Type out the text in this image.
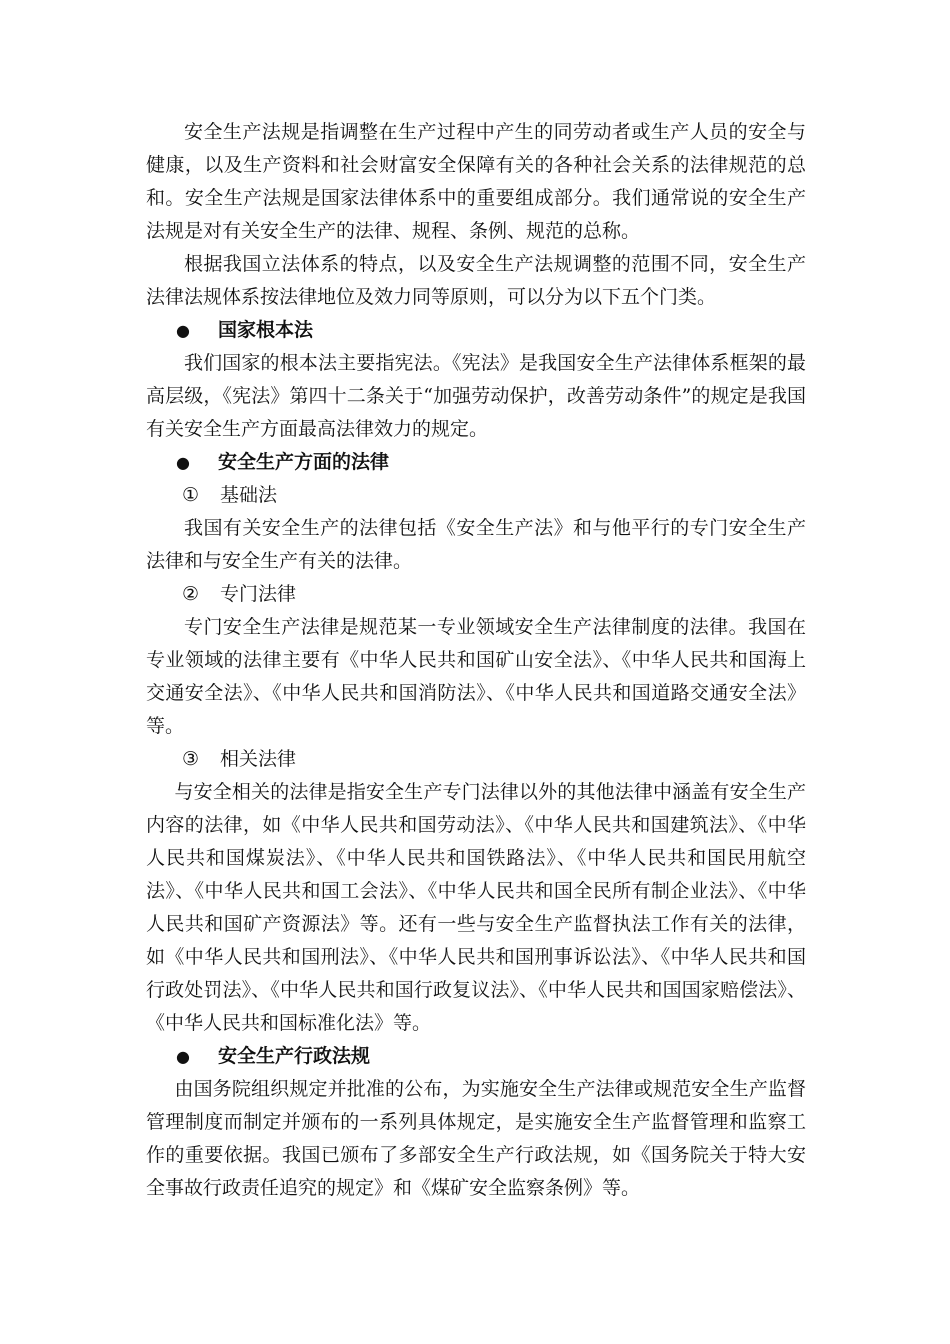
安全生产法规是指调整在生产过程中产生的同劳动者或生产人员的安全与健康，以及生产资料和社会财富安全保障有关的各种社会关系的法律规范的总和。安全生产法规是国家法律体系中的重要组成部分。我们通常说的安全生产法规是对有关安全生产的法律、规程、条例、规范的总称。

根据我国立法体系的特点，以及安全生产法规调整的范围不同，安全生产法律法规体系按法律地位及效力同等原则，可以分为以下五个门类。

●	国家根本法

我们国家的根本法主要指宪法。《宪法》是我国安全生产法律体系框架的最高层级，《宪法》第四十二条关于“加强劳动保护，改善劳动条件”的规定是我国有关安全生产方面最高法律效力的规定。

●	安全生产方面的法律
①	基础法

我国有关安全生产的法律包括《安全生产法》和与他平行的专门安全生产法律和与安全生产有关的法律。

②	专门法律

专门安全生产法律是规范某一专业领域安全生产法律制度的法律。我国在专业领域的法律主要有《中华人民共和国矿山安全法》、《中华人民共和国海上交通安全法》、《中华人民共和国消防法》、《中华人民共和国道路交通安全法》等。

③	相关法律

与安全相关的法律是指安全生产专门法律以外的其他法律中涵盖有安全生产内容的法律，如《中华人民共和国劳动法》、《中华人民共和国建筑法》、《中华人民共和国煤炭法》、《中华人民共和国铁路法》、《中华人民共和国民用航空法》、《中华人民共和国工会法》、《中华人民共和国全民所有制企业法》、《中华人民共和国矿产资源法》等。还有一些与安全生产监督执法工作有关的法律，如《中华人民共和国刑法》、《中华人民共和国刑事诉讼法》、《中华人民共和国行政处罚法》、《中华人民共和国行政复议法》、《中华人民共和国国家赔偿法》、《中华人民共和国标准化法》等。

●	安全生产行政法规

由国务院组织规定并批准的公布，为实施安全生产法律或规范安全生产监督管理制度而制定并颁布的一系列具体规定，是实施安全生产监督管理和监察工作的重要依据。我国已颁布了多部安全生产行政法规，如《国务院关于特大安全事故行政责任追究的规定》和《煤矿安全监察条例》等。
